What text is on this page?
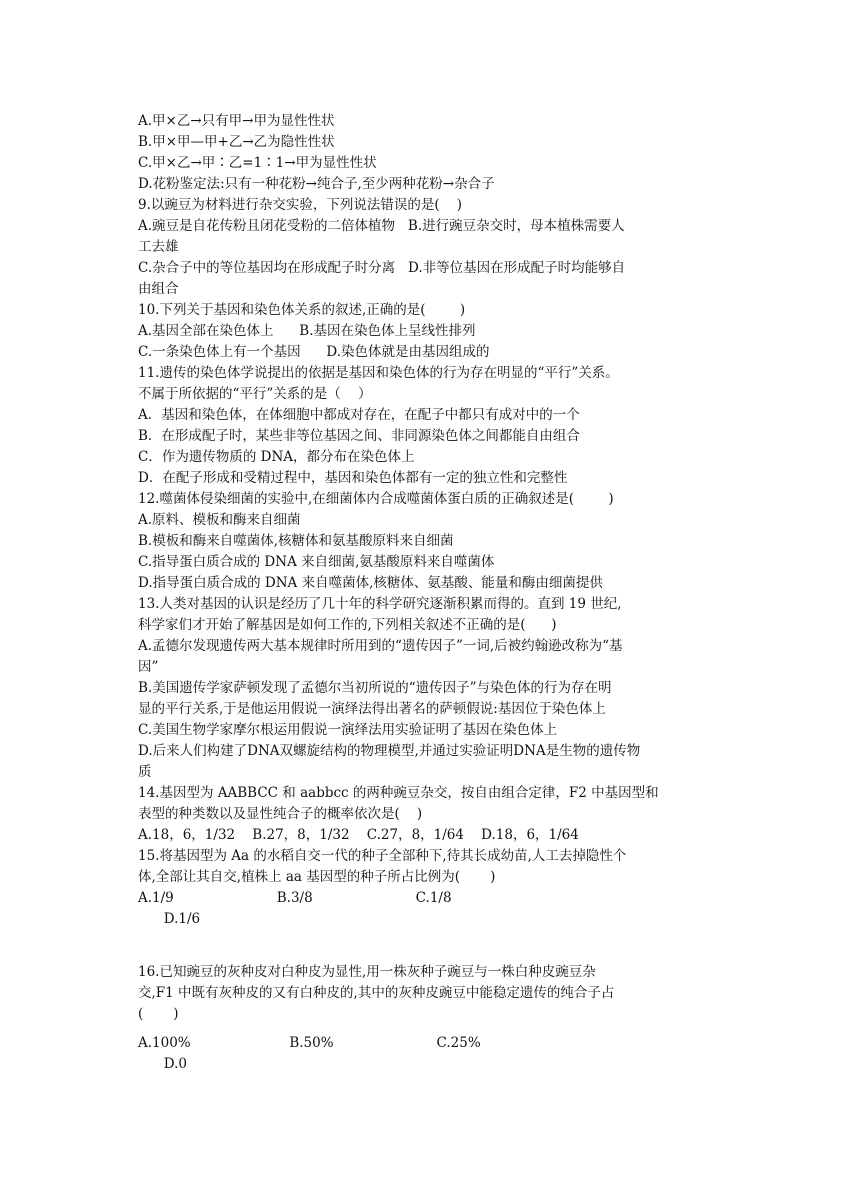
A.甲×乙→只有甲→甲为显性性状
B.甲×甲—甲+乙→乙为隐性性状
C.甲×乙→甲∶乙=1∶1→甲为显性性状
D.花粉鉴定法:只有一种花粉→纯合子,至少两种花粉→杂合子
9.以豌豆为材料进行杂交实验，下列说法错误的是(    )
A.豌豆是自花传粉且闭花受粉的二倍体植物   B.进行豌豆杂交时，母本植株需要人
工去雄
C.杂合子中的等位基因均在形成配子时分离   D.非等位基因在形成配子时均能够自
由组合
10.下列关于基因和染色体关系的叙述,正确的是(        )
A.基因全部在染色体上      B.基因在染色体上呈线性排列
C.一条染色体上有一个基因      D.染色体就是由基因组成的
11.遗传的染色体学说提出的依据是基因和染色体的行为存在明显的“平行”关系。
不属于所依据的“平行”关系的是（    ）
A．基因和染色体，在体细胞中都成对存在，在配子中都只有成对中的一个
B．在形成配子时，某些非等位基因之间、非同源染色体之间都能自由组合
C．作为遗传物质的 DNA，都分布在染色体上
D．在配子形成和受精过程中，基因和染色体都有一定的独立性和完整性
12.噬菌体侵染细菌的实验中,在细菌体内合成噬菌体蛋白质的正确叙述是(        )
A.原料、模板和酶来自细菌
B.模板和酶来自噬菌体,核糖体和氨基酸原料来自细菌
C.指导蛋白质合成的 DNA 来自细菌,氨基酸原料来自噬菌体
D.指导蛋白质合成的 DNA 来自噬菌体,核糖体、氨基酸、能量和酶由细菌提供
13.人类对基因的认识是经历了几十年的科学研究逐渐积累而得的。直到 19 世纪,
科学家们才开始了解基因是如何工作的,下列相关叙述不正确的是(      )
A.孟德尔发现遗传两大基本规律时所用到的“遗传因子”一词,后被约翰逊改称为“基
因”
B.美国遗传学家萨顿发现了孟德尔当初所说的“遗传因子”与染色体的行为存在明
显的平行关系,于是他运用假说一演绎法得出著名的萨顿假说:基因位于染色体上
C.美国生物学家摩尔根运用假说一演绎法用实验证明了基因在染色体上
D.后来人们构建了DNA双螺旋结构的物理模型,并通过实验证明DNA是生物的遗传物
质
14.基因型为 AABBCC 和 aabbcc 的两种豌豆杂交，按自由组合定律，F2 中基因型和
表型的种类数以及显性纯合子的概率依次是(    )
A.18，6，1/32    B.27，8，1/32    C.27，8，1/64    D.18，6，1/64
15.将基因型为 Aa 的水稻自交一代的种子全部种下,待其长成幼苗,人工去掉隐性个
体,全部让其自交,植株上 aa 基因型的种子所占比例为(       )
A.1/9                        B.3/8                        C.1/8
D.1/6
16.已知豌豆的灰种皮对白种皮为显性,用一株灰种子豌豆与一株白种皮豌豆杂
交,F1 中既有灰种皮的又有白种皮的,其中的灰种皮豌豆中能稳定遗传的纯合子占
(       )
A.100%                       B.50%                        C.25%
D.0
